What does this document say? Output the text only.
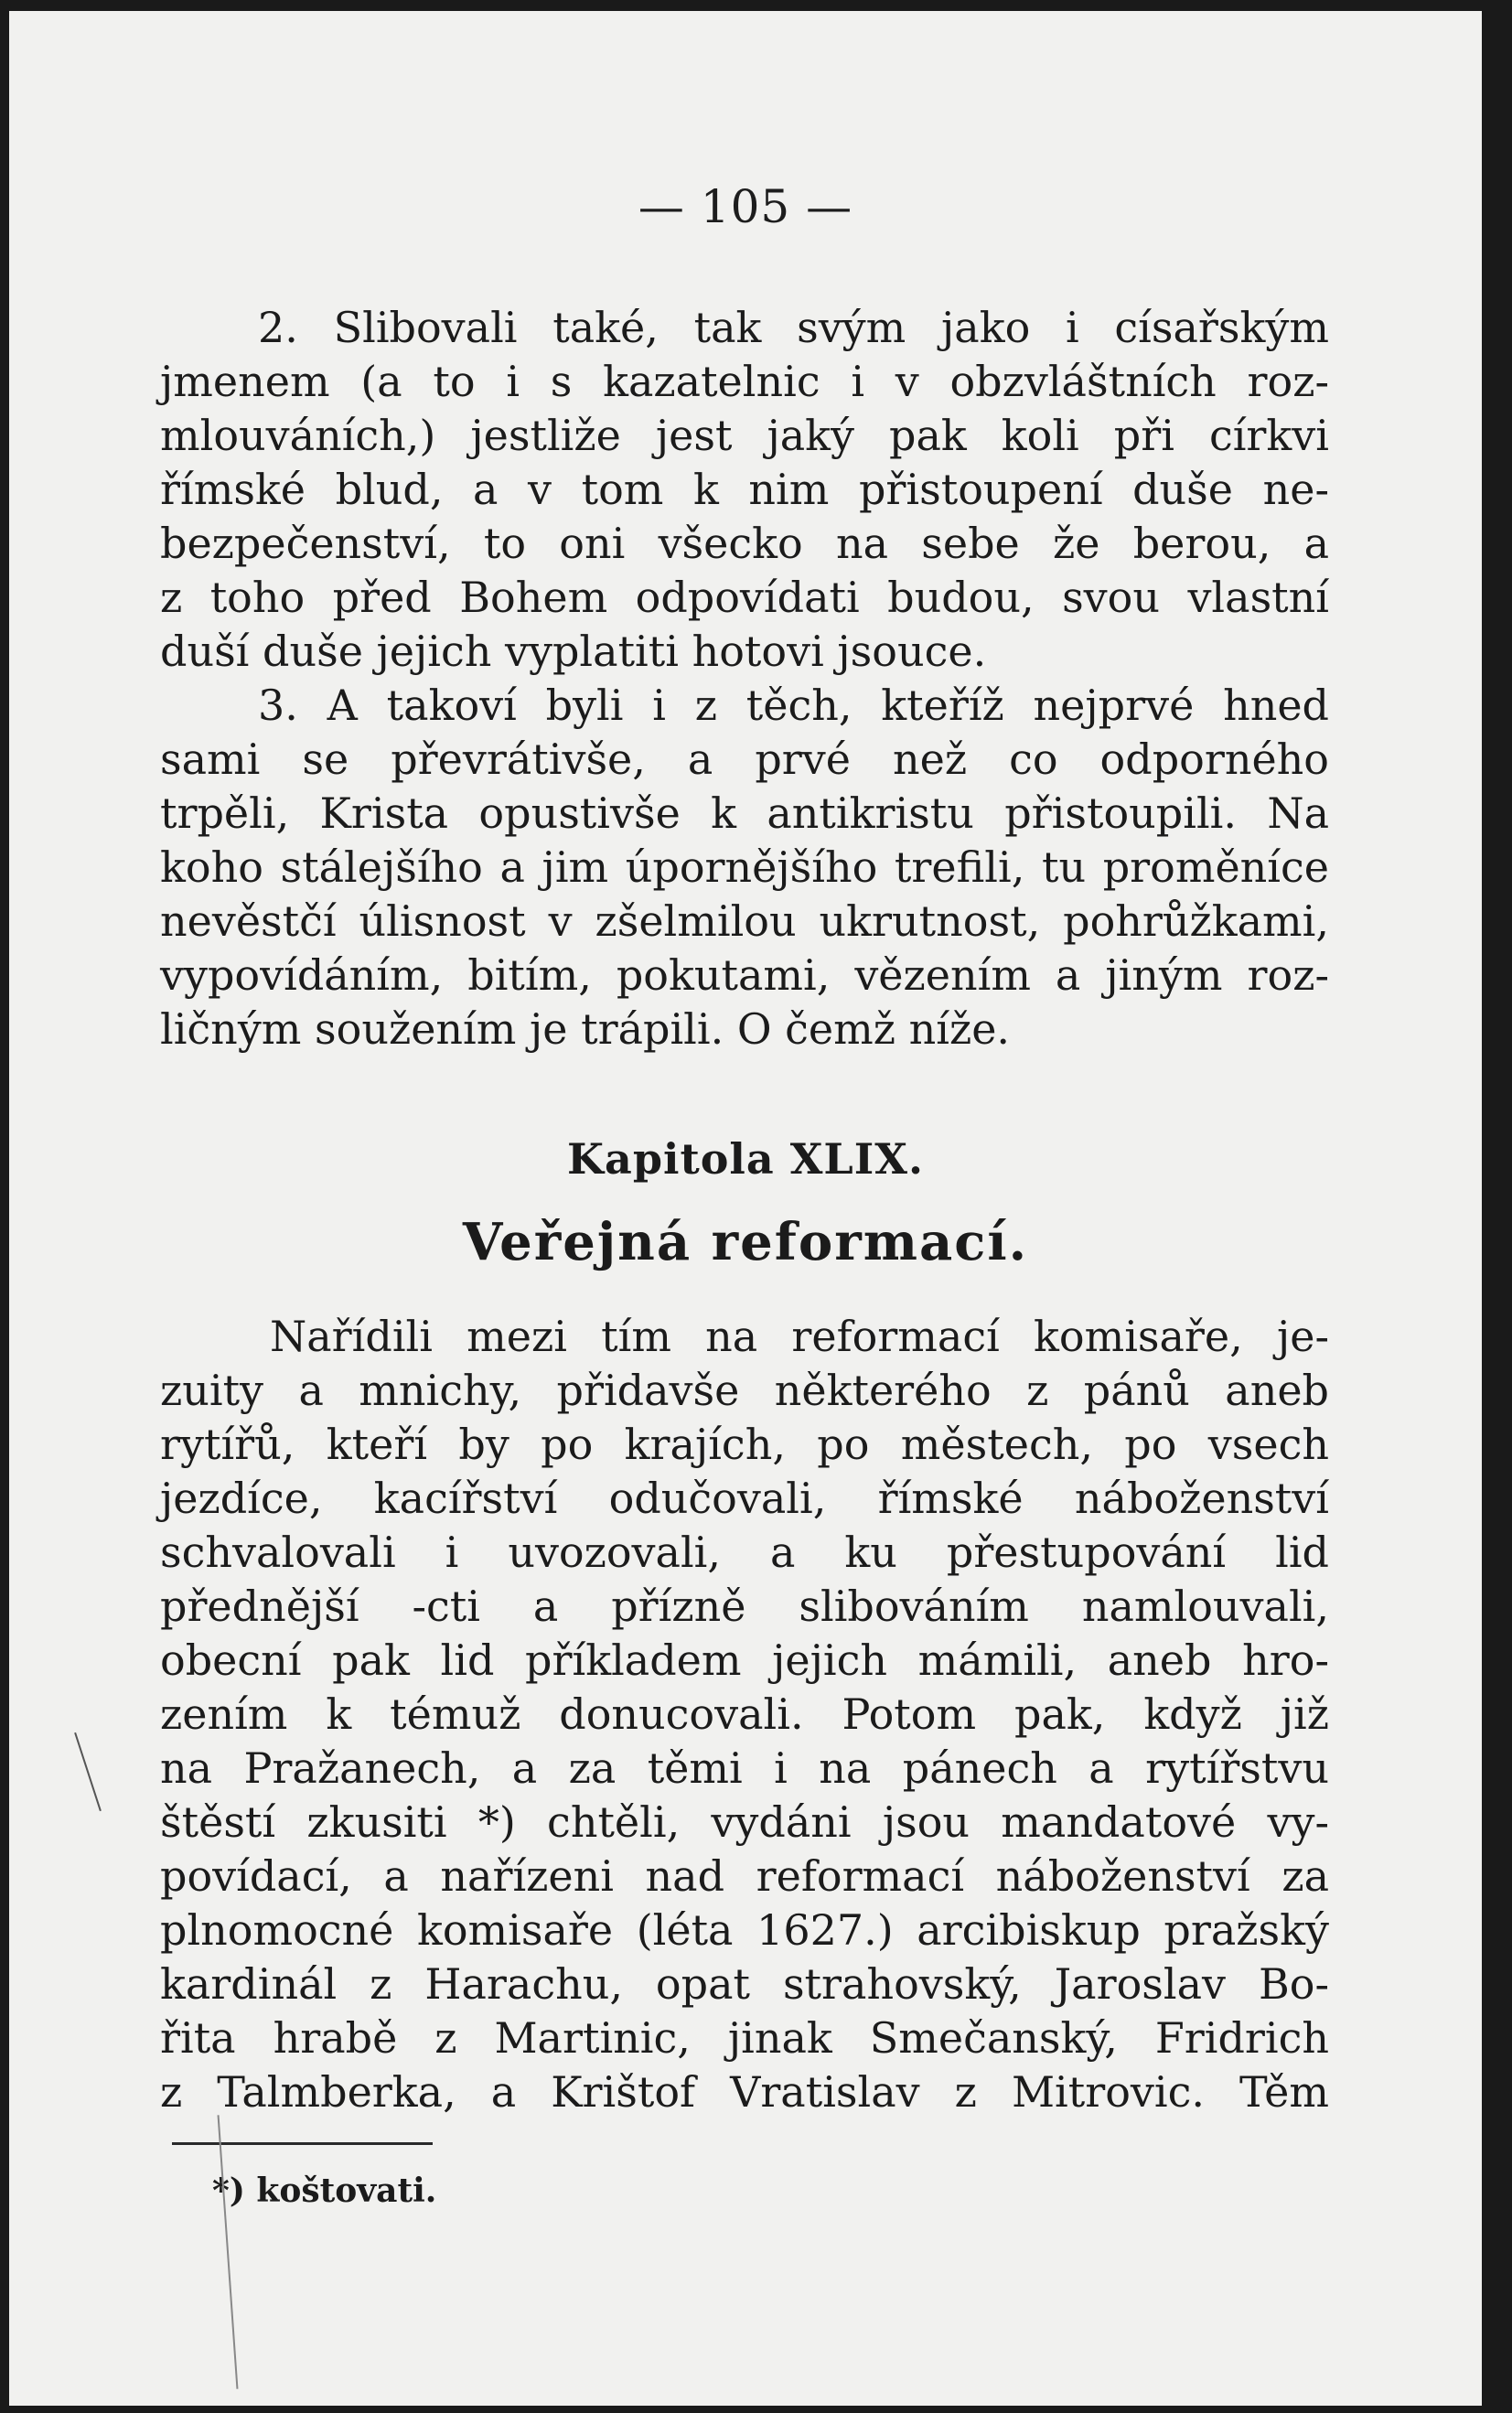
— 105 —
2. Slibovali také, tak svým jako i císařským
jmenem (a to i s kazatelnic i v obzvláštních roz-
mlouváních,) jestliže jest jaký pak koli při církvi
římské blud, a v tom k nim přistoupení duše ne-
bezpečenství, to oni všecko na sebe že berou, a
z toho před Bohem odpovídati budou, svou vlastní
duší duše jejich vyplatiti hotovi jsouce.
3. A takoví byli i z těch, kteříž nejprvé hned
sami se převrátivše, a prvé než co odporného
trpěli, Krista opustivše k antikristu přistoupili. Na
koho stálejšího a jim úpornějšího trefili, tu proměníce
nevěstčí úlisnost v zšelmilou ukrutnost, pohrůžkami,
vypovídáním, bitím, pokutami, vězením a jiným roz-
ličným soužením je trápili. O čemž níže.
Kapitola XLIX.
Veřejná reformací.
Nařídili mezi tím na reformací komisaře, je-
zuity a mnichy, přidavše některého z pánů aneb
rytířů, kteří by po krajích, po městech, po vsech
jezdíce, kacířství odučovali, římské náboženství
schvalovali i uvozovali, a ku přestupování lid
přednější -cti a přízně slibováním namlouvali,
obecní pak lid příkladem jejich mámili, aneb hro-
zením k témuž donucovali. Potom pak, když již
na Pražanech, a za těmi i na pánech a rytířstvu
štěstí zkusiti *) chtěli, vydáni jsou mandatové vy-
povídací, a nařízeni nad reformací náboženství za
plnomocné komisaře (léta 1627.) arcibiskup pražský
kardinál z Harachu, opat strahovský, Jaroslav Bo-
řita hrabě z Martinic, jinak Smečanský, Fridrich
z Talmberka, a Krištof Vratislav z Mitrovic. Těm
*) koštovati.
